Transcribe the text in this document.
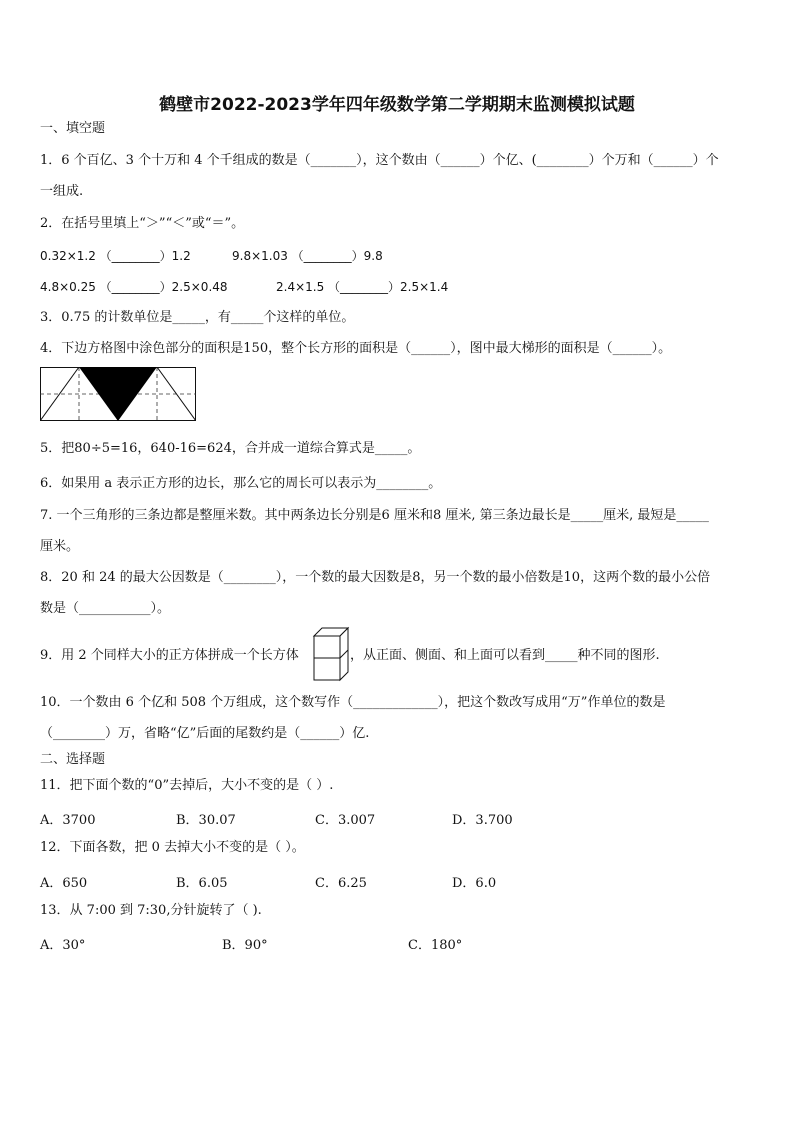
鹤壁市2022-2023学年四年级数学第二学期期末监测模拟试题
一、填空题
1．6 个百亿、3 个十万和 4 个千组成的数是（_______），这个数由（______）个亿、(________）个万和（______）个
一组成.
2．在括号里填上“＞”“＜”或“＝”。
0.32×1.2 （________）1.2	9.8×1.03 （________）9.8
4.8×0.25 （________）2.5×0.48	2.4×1.5 （________）2.5×1.4
3．0.75 的计数单位是_____，有_____个这样的单位。
4．下边方格图中涂色部分的面积是150，整个长方形的面积是（______），图中最大梯形的面积是（______）。
5．把80÷5=16，640-16=624，合并成一道综合算式是_____。
6．如果用 a 表示正方形的边长，那么它的周长可以表示为________。
7. 一个三角形的三条边都是整厘米数。其中两条边长分别是6 厘米和8 厘米, 第三条边最长是_____厘米, 最短是_____
厘米。
8．20 和 24 的最大公因数是（________），一个数的最大因数是8，另一个数的最小倍数是10，这两个数的最小公倍
数是（___________）。
9．用 2 个同样大小的正方体拼成一个长方体	，从正面、侧面、和上面可以看到_____种不同的图形.
10．一个数由 6 个亿和 508 个万组成，这个数写作（_____________），把这个数改写成用“万”作单位的数是
（________）万，省略“亿”后面的尾数约是（______）亿.
二、选择题
11．把下面个数的“0”去掉后，大小不变的是（ ）.
A．3700	B．30.07	C．3.007	D．3.700
12．下面各数，把 0 去掉大小不变的是（ ）。
A．650	B．6.05	C．6.25	D．6.0
13．从 7:00 到 7:30,分针旋转了（ ).
A．30°	B．90°	C．180°
